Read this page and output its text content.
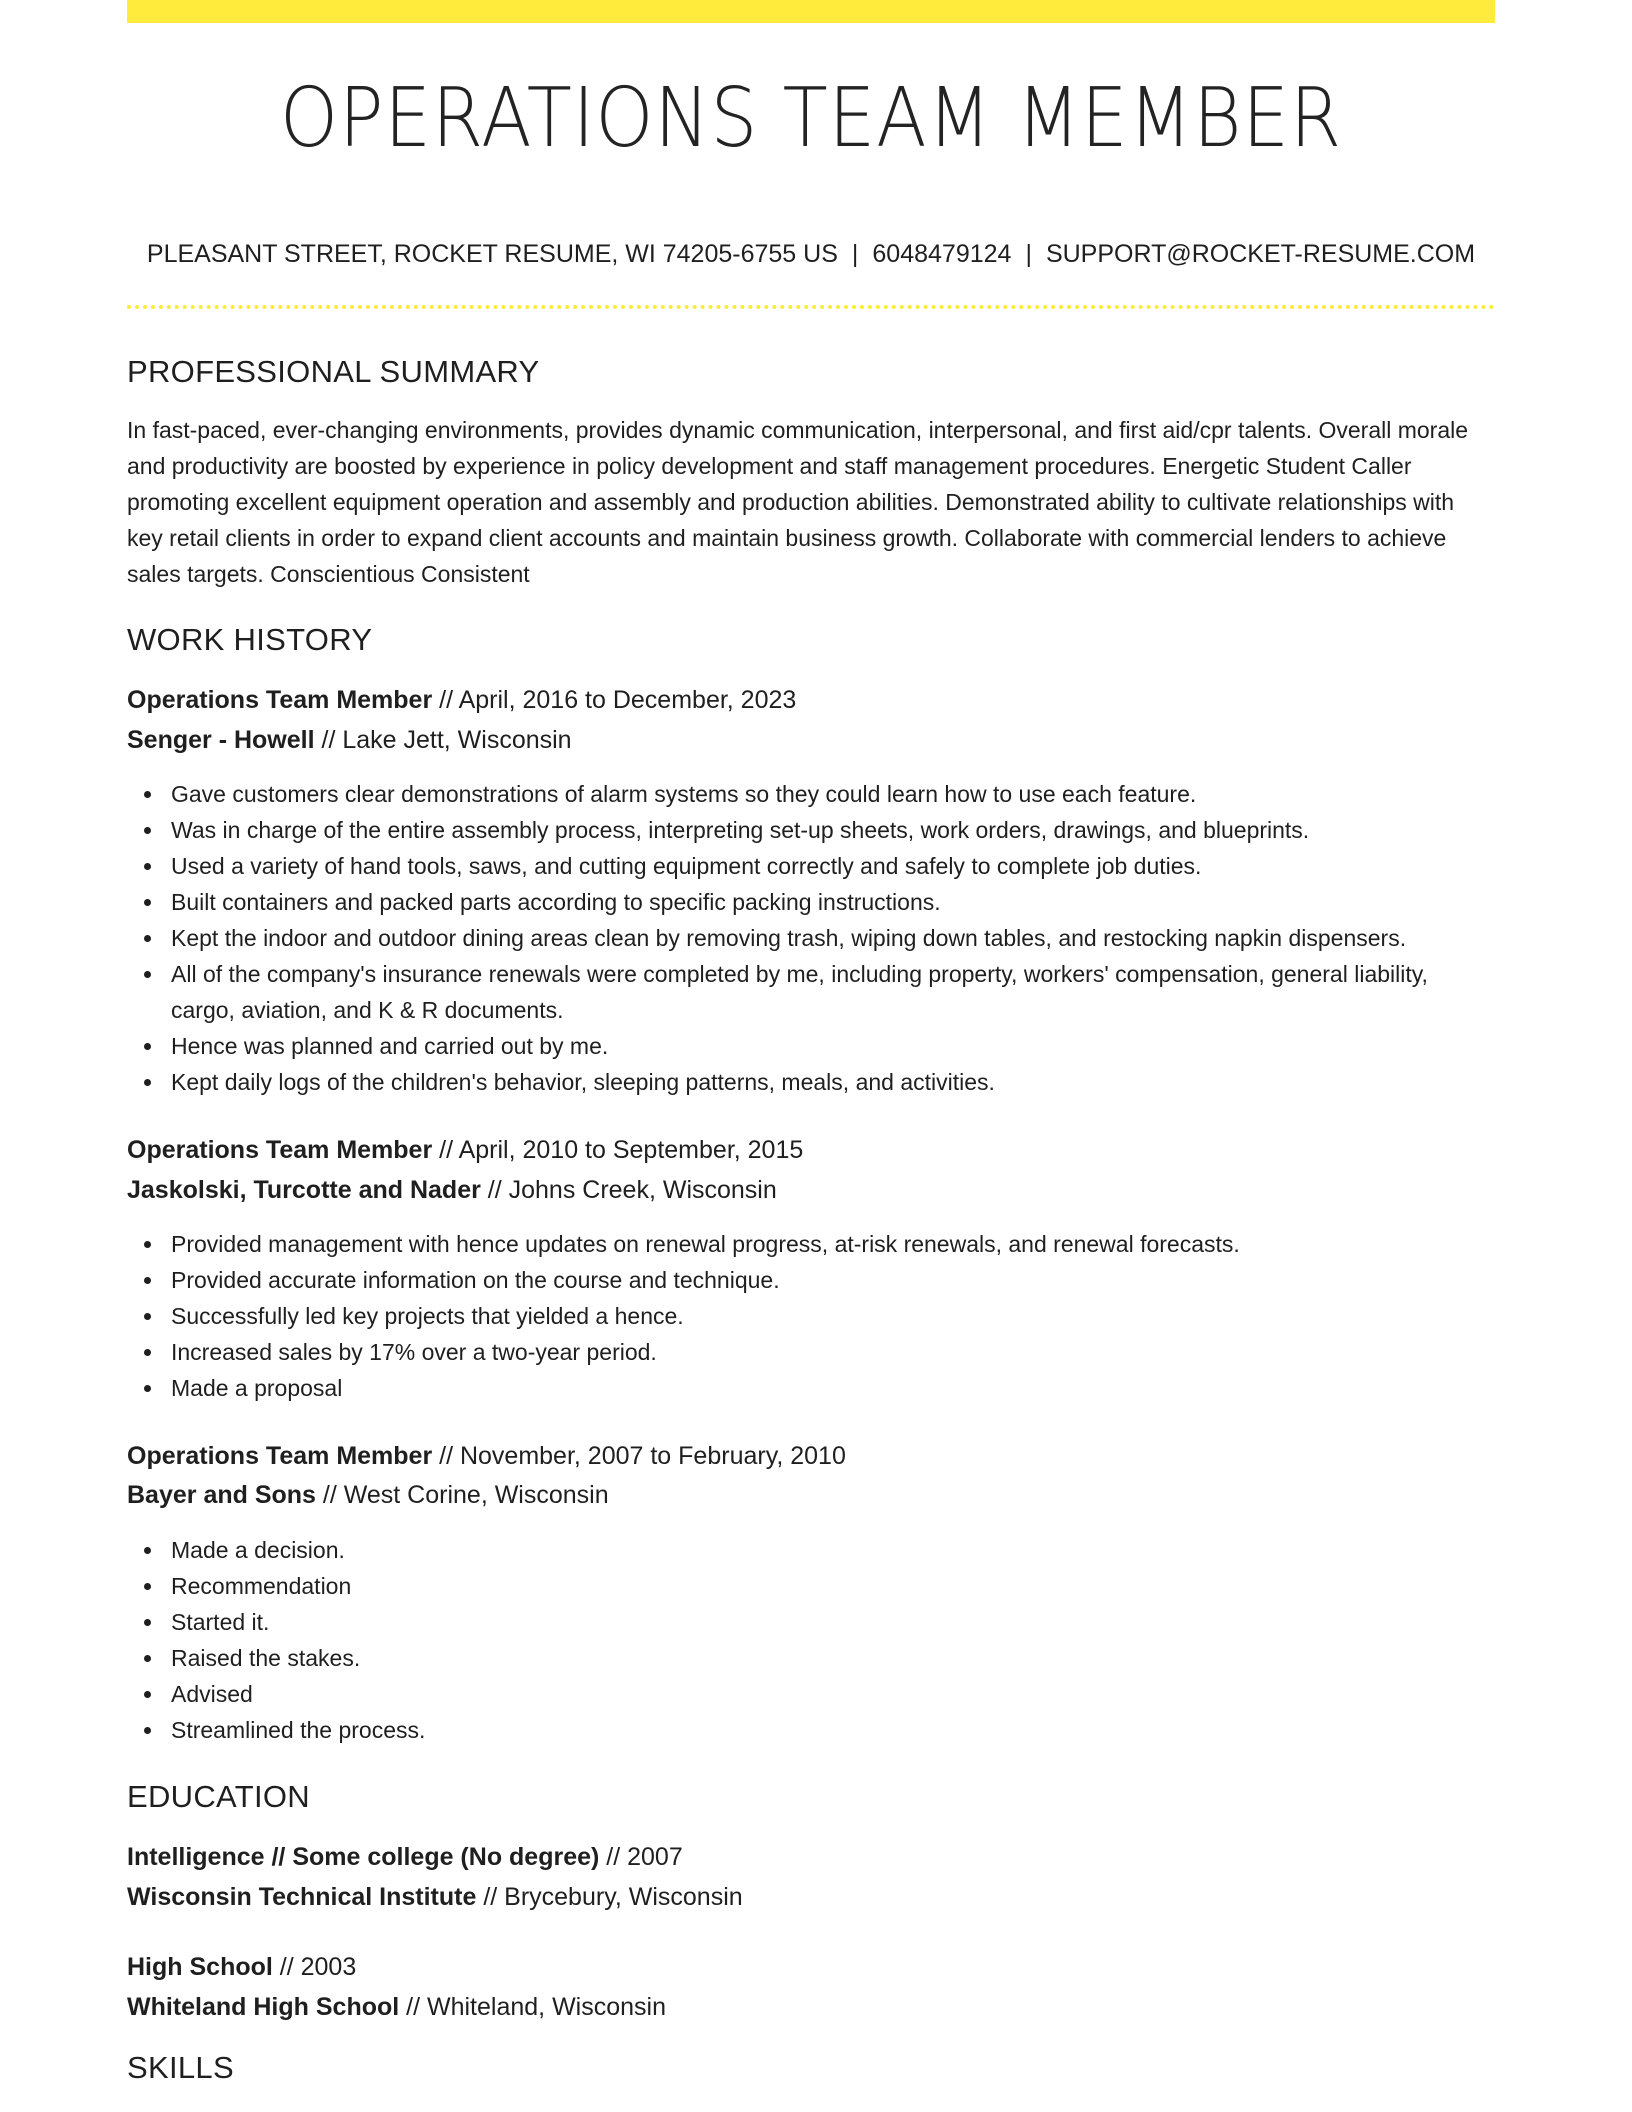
OPERATIONS TEAM MEMBER
PLEASANT STREET, ROCKET RESUME, WI 74205-6755 US | 6048479124 | SUPPORT@ROCKET-RESUME.COM
PROFESSIONAL SUMMARY
In fast-paced, ever-changing environments, provides dynamic communication, interpersonal, and first aid/cpr talents. Overall morale and productivity are boosted by experience in policy development and staff management procedures. Energetic Student Caller promoting excellent equipment operation and assembly and production abilities. Demonstrated ability to cultivate relationships with key retail clients in order to expand client accounts and maintain business growth. Collaborate with commercial lenders to achieve sales targets. Conscientious Consistent
WORK HISTORY
Operations Team Member // April, 2016 to December, 2023
Senger - Howell // Lake Jett, Wisconsin
Gave customers clear demonstrations of alarm systems so they could learn how to use each feature.
Was in charge of the entire assembly process, interpreting set-up sheets, work orders, drawings, and blueprints.
Used a variety of hand tools, saws, and cutting equipment correctly and safely to complete job duties.
Built containers and packed parts according to specific packing instructions.
Kept the indoor and outdoor dining areas clean by removing trash, wiping down tables, and restocking napkin dispensers.
All of the company's insurance renewals were completed by me, including property, workers' compensation, general liability, cargo, aviation, and K & R documents.
Hence was planned and carried out by me.
Kept daily logs of the children's behavior, sleeping patterns, meals, and activities.
Operations Team Member // April, 2010 to September, 2015
Jaskolski, Turcotte and Nader // Johns Creek, Wisconsin
Provided management with hence updates on renewal progress, at-risk renewals, and renewal forecasts.
Provided accurate information on the course and technique.
Successfully led key projects that yielded a hence.
Increased sales by 17% over a two-year period.
Made a proposal
Operations Team Member // November, 2007 to February, 2010
Bayer and Sons // West Corine, Wisconsin
Made a decision.
Recommendation
Started it.
Raised the stakes.
Advised
Streamlined the process.
EDUCATION
Intelligence // Some college (No degree) // 2007
Wisconsin Technical Institute // Brycebury, Wisconsin
High School // 2003
Whiteland High School // Whiteland, Wisconsin
SKILLS
